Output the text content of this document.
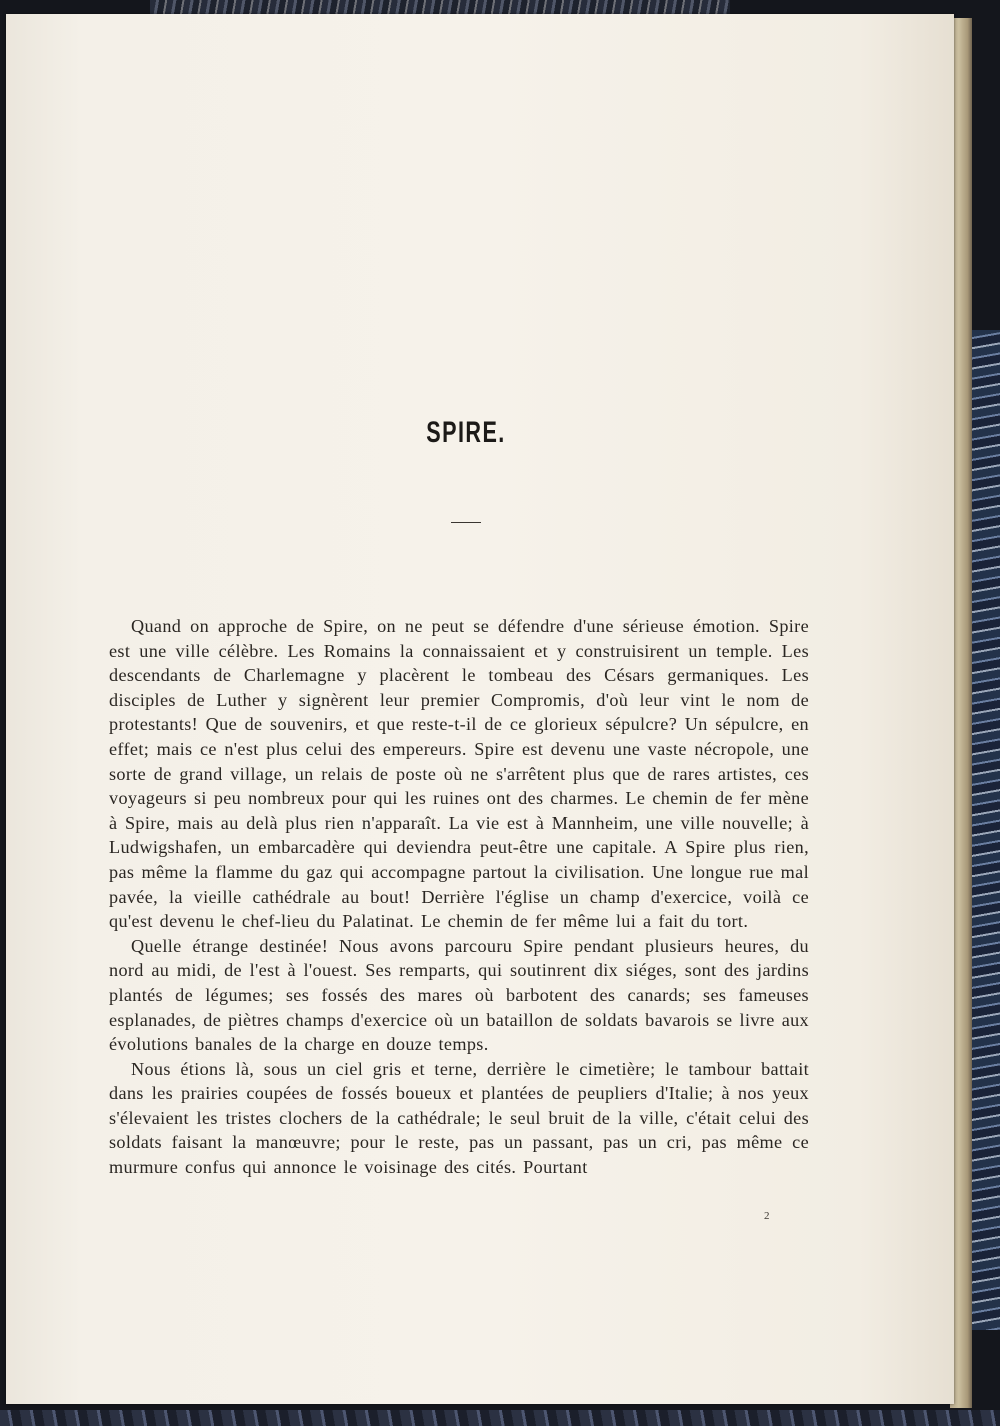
SPIRE.

Quand on approche de Spire, on ne peut se défendre d'une sérieuse émotion. Spire est une ville célèbre. Les Romains la connaissaient et y construisirent un temple. Les descendants de Charlemagne y placèrent le tombeau des Césars germaniques. Les disciples de Luther y signèrent leur premier Compromis, d'où leur vint le nom de protestants! Que de souvenirs, et que reste-t-il de ce glorieux sépulcre? Un sépulcre, en effet; mais ce n'est plus celui des empereurs. Spire est devenu une vaste nécropole, une sorte de grand village, un relais de poste où ne s'arrêtent plus que de rares artistes, ces voyageurs si peu nombreux pour qui les ruines ont des charmes. Le chemin de fer mène à Spire, mais au delà plus rien n'apparaît. La vie est à Mannheim, une ville nouvelle; à Ludwigshafen, un embarcadère qui deviendra peut-être une capitale. A Spire plus rien, pas même la flamme du gaz qui accompagne partout la civilisation. Une longue rue mal pavée, la vieille cathédrale au bout! Derrière l'église un champ d'exercice, voilà ce qu'est devenu le chef-lieu du Palatinat. Le chemin de fer même lui a fait du tort.

Quelle étrange destinée! Nous avons parcouru Spire pendant plusieurs heures, du nord au midi, de l'est à l'ouest. Ses remparts, qui soutinrent dix siéges, sont des jardins plantés de légumes; ses fossés des mares où barbotent des canards; ses fameuses esplanades, de piètres champs d'exercice où un bataillon de soldats bavarois se livre aux évolutions banales de la charge en douze temps.

Nous étions là, sous un ciel gris et terne, derrière le cimetière; le tambour battait dans les prairies coupées de fossés boueux et plantées de peupliers d'Italie; à nos yeux s'élevaient les tristes clochers de la cathédrale; le seul bruit de la ville, c'était celui des soldats faisant la manœuvre; pour le reste, pas un passant, pas un cri, pas même ce murmure confus qui annonce le voisinage des cités. Pourtant

2
